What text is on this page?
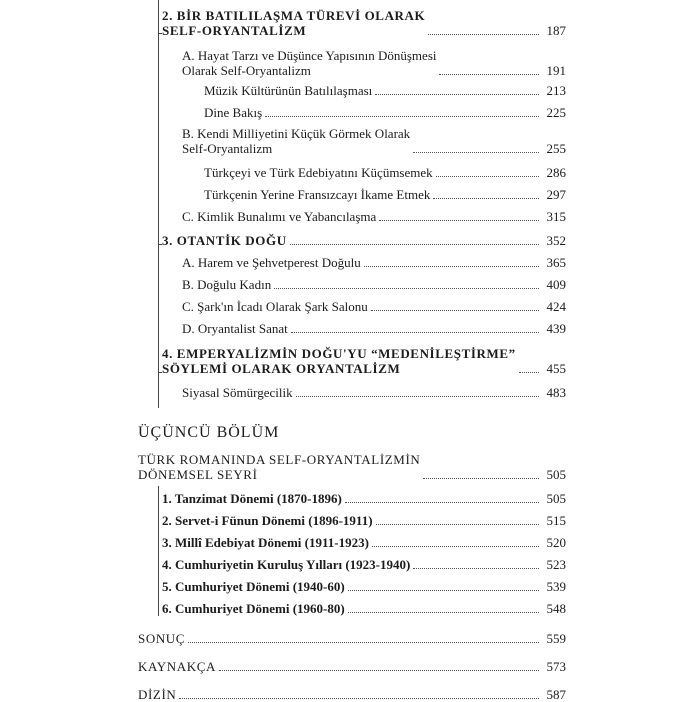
2. BİR BATILILAŞMA TÜREVİ OLARAK
SELF-ORYANTALİZM	187
A. Hayat Tarzı ve Düşünce Yapısının Dönüşmesi
Olarak Self-Oryantalizm	191
Müzik Kültürünün Batılılaşması	213
Dine Bakış	225
B. Kendi Milliyetini Küçük Görmek Olarak
Self-Oryantalizm	255
Türkçeyi ve Türk Edebiyatını Küçümsemek	286
Türkçenin Yerine Fransızcayı İkame Etmek	297
C. Kimlik Bunalımı ve Yabancılaşma	315
3. OTANTİK DOĞU	352
A. Harem ve Şehvetperest Doğulu	365
B. Doğulu Kadın	409
C. Şark'ın İcadı Olarak Şark Salonu	424
D. Oryantalist Sanat	439
4. EMPERYALİZMİN DOĞU'YU “MEDENİLEŞTİRME”
SÖYLEMİ OLARAK ORYANTALİZM	455
Siyasal Sömürgecilik	483
ÜÇÜNCÜ BÖLÜM
TÜRK ROMANINDA SELF-ORYANTALİZMİN
DÖNEMSEL SEYRİ	505
1. Tanzimat Dönemi (1870-1896)	505
2. Servet-i Fünun Dönemi (1896-1911)	515
3. Millî Edebiyat Dönemi (1911-1923)	520
4. Cumhuriyetin Kuruluş Yılları (1923-1940)	523
5. Cumhuriyet Dönemi (1940-60)	539
6. Cumhuriyet Dönemi (1960-80)	548
SONUÇ	559
KAYNAKÇA	573
DİZİN	587
